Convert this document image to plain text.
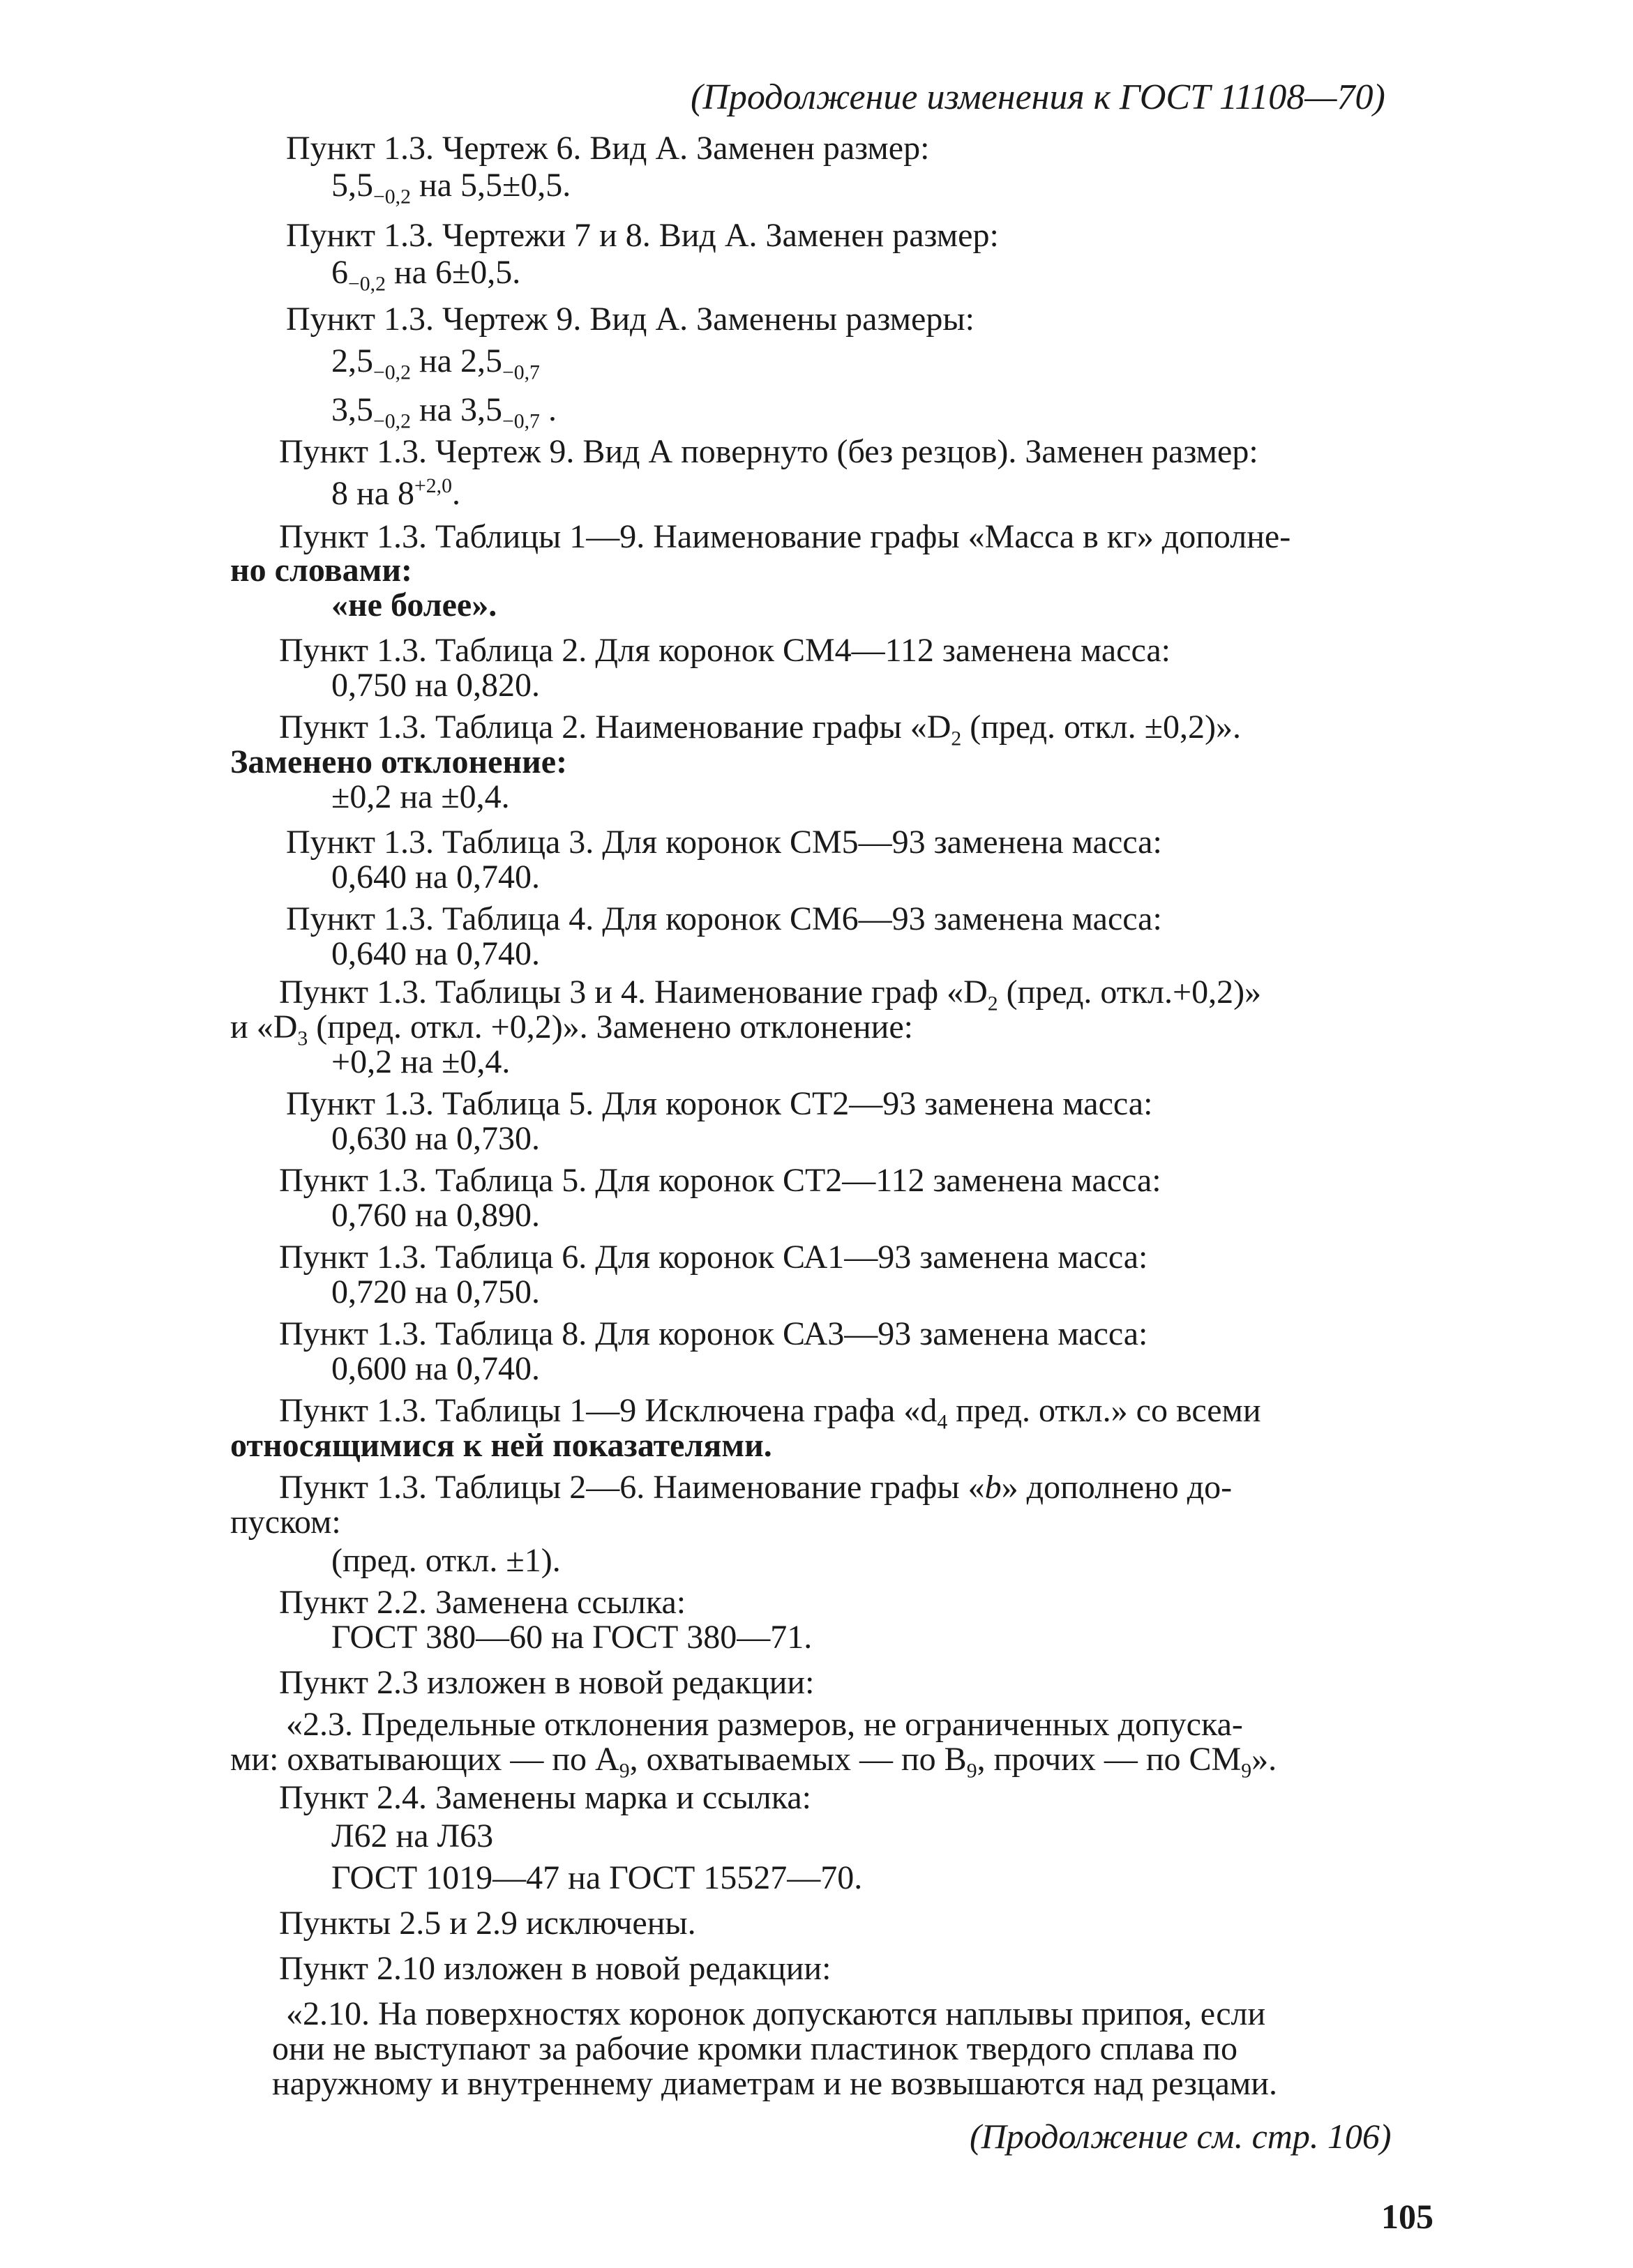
(Продолжение изменения к ГОСТ 11108—70)
Пункт 1.3. Чертеж 6. Вид А. Заменен размер:
$5,5_{-0,2}$ на 5,5±0,5.
Пункт 1.3. Чертежи 7 и 8. Вид А. Заменен размер:
$6_{-0,2}$ на 6±0,5.
Пункт 1.3. Чертеж 9. Вид А. Заменены размеры:
$2,5_{-0,2}$ на $2,5_{-0,7}$
$3,5_{-0,2}$ на $3,5_{-0,7}$ .
Пункт 1.3. Чертеж 9. Вид А повернуто (без резцов). Заменен размер:
8 на $8^{+2,0}$.
Пункт 1.3. Таблицы 1—9. Наименование графы «Масса в кг» дополне-
но словами:
«не более».
Пункт 1.3. Таблица 2. Для коронок СМ4—112 заменена масса:
0,750 на 0,820.
Пункт 1.3. Таблица 2. Наименование графы «$D_2$ (пред. откл. ±0,2)».
Заменено отклонение:
±0,2 на ±0,4.
Пункт 1.3. Таблица 3. Для коронок СМ5—93 заменена масса:
0,640 на 0,740.
Пункт 1.3. Таблица 4. Для коронок СМ6—93 заменена масса:
0,640 на 0,740.
Пункт 1.3. Таблицы 3 и 4. Наименование граф «$D_2$ (пред. откл.+0,2)»
и «$D_3$ (пред. откл. +0,2)». Заменено отклонение:
+0,2 на ±0,4.
Пункт 1.3. Таблица 5. Для коронок СТ2—93 заменена масса:
0,630 на 0,730.
Пункт 1.3. Таблица 5. Для коронок СТ2—112 заменена масса:
0,760 на 0,890.
Пункт 1.3. Таблица 6. Для коронок СА1—93 заменена масса:
0,720 на 0,750.
Пункт 1.3. Таблица 8. Для коронок СА3—93 заменена масса:
0,600 на 0,740.
Пункт 1.3. Таблицы 1—9 Исключена графа «$d_4$ пред. откл.» со всеми
относящимися к ней показателями.
Пункт 1.3. Таблицы 2—6. Наименование графы «b» дополнено до-
пуском:
(пред. откл. ±1).
Пункт 2.2. Заменена ссылка:
ГОСТ 380—60 на ГОСТ 380—71.
Пункт 2.3 изложен в новой редакции:
«2.3. Предельные отклонения размеров, не ограниченных допуска-
ми: охватывающих — по $А_9$, охватываемых — по $В_9$, прочих — по $СМ_9$».
Пункт 2.4. Заменены марка и ссылка:
Л62 на Л63
ГОСТ 1019—47 на ГОСТ 15527—70.
Пункты 2.5 и 2.9 исключены.
Пункт 2.10 изложен в новой редакции:
«2.10. На поверхностях коронок допускаются наплывы припоя, если
они не выступают за рабочие кромки пластинок твердого сплава по
наружному и внутреннему диаметрам и не возвышаются над резцами.
(Продолжение см. стр. 106)
105
